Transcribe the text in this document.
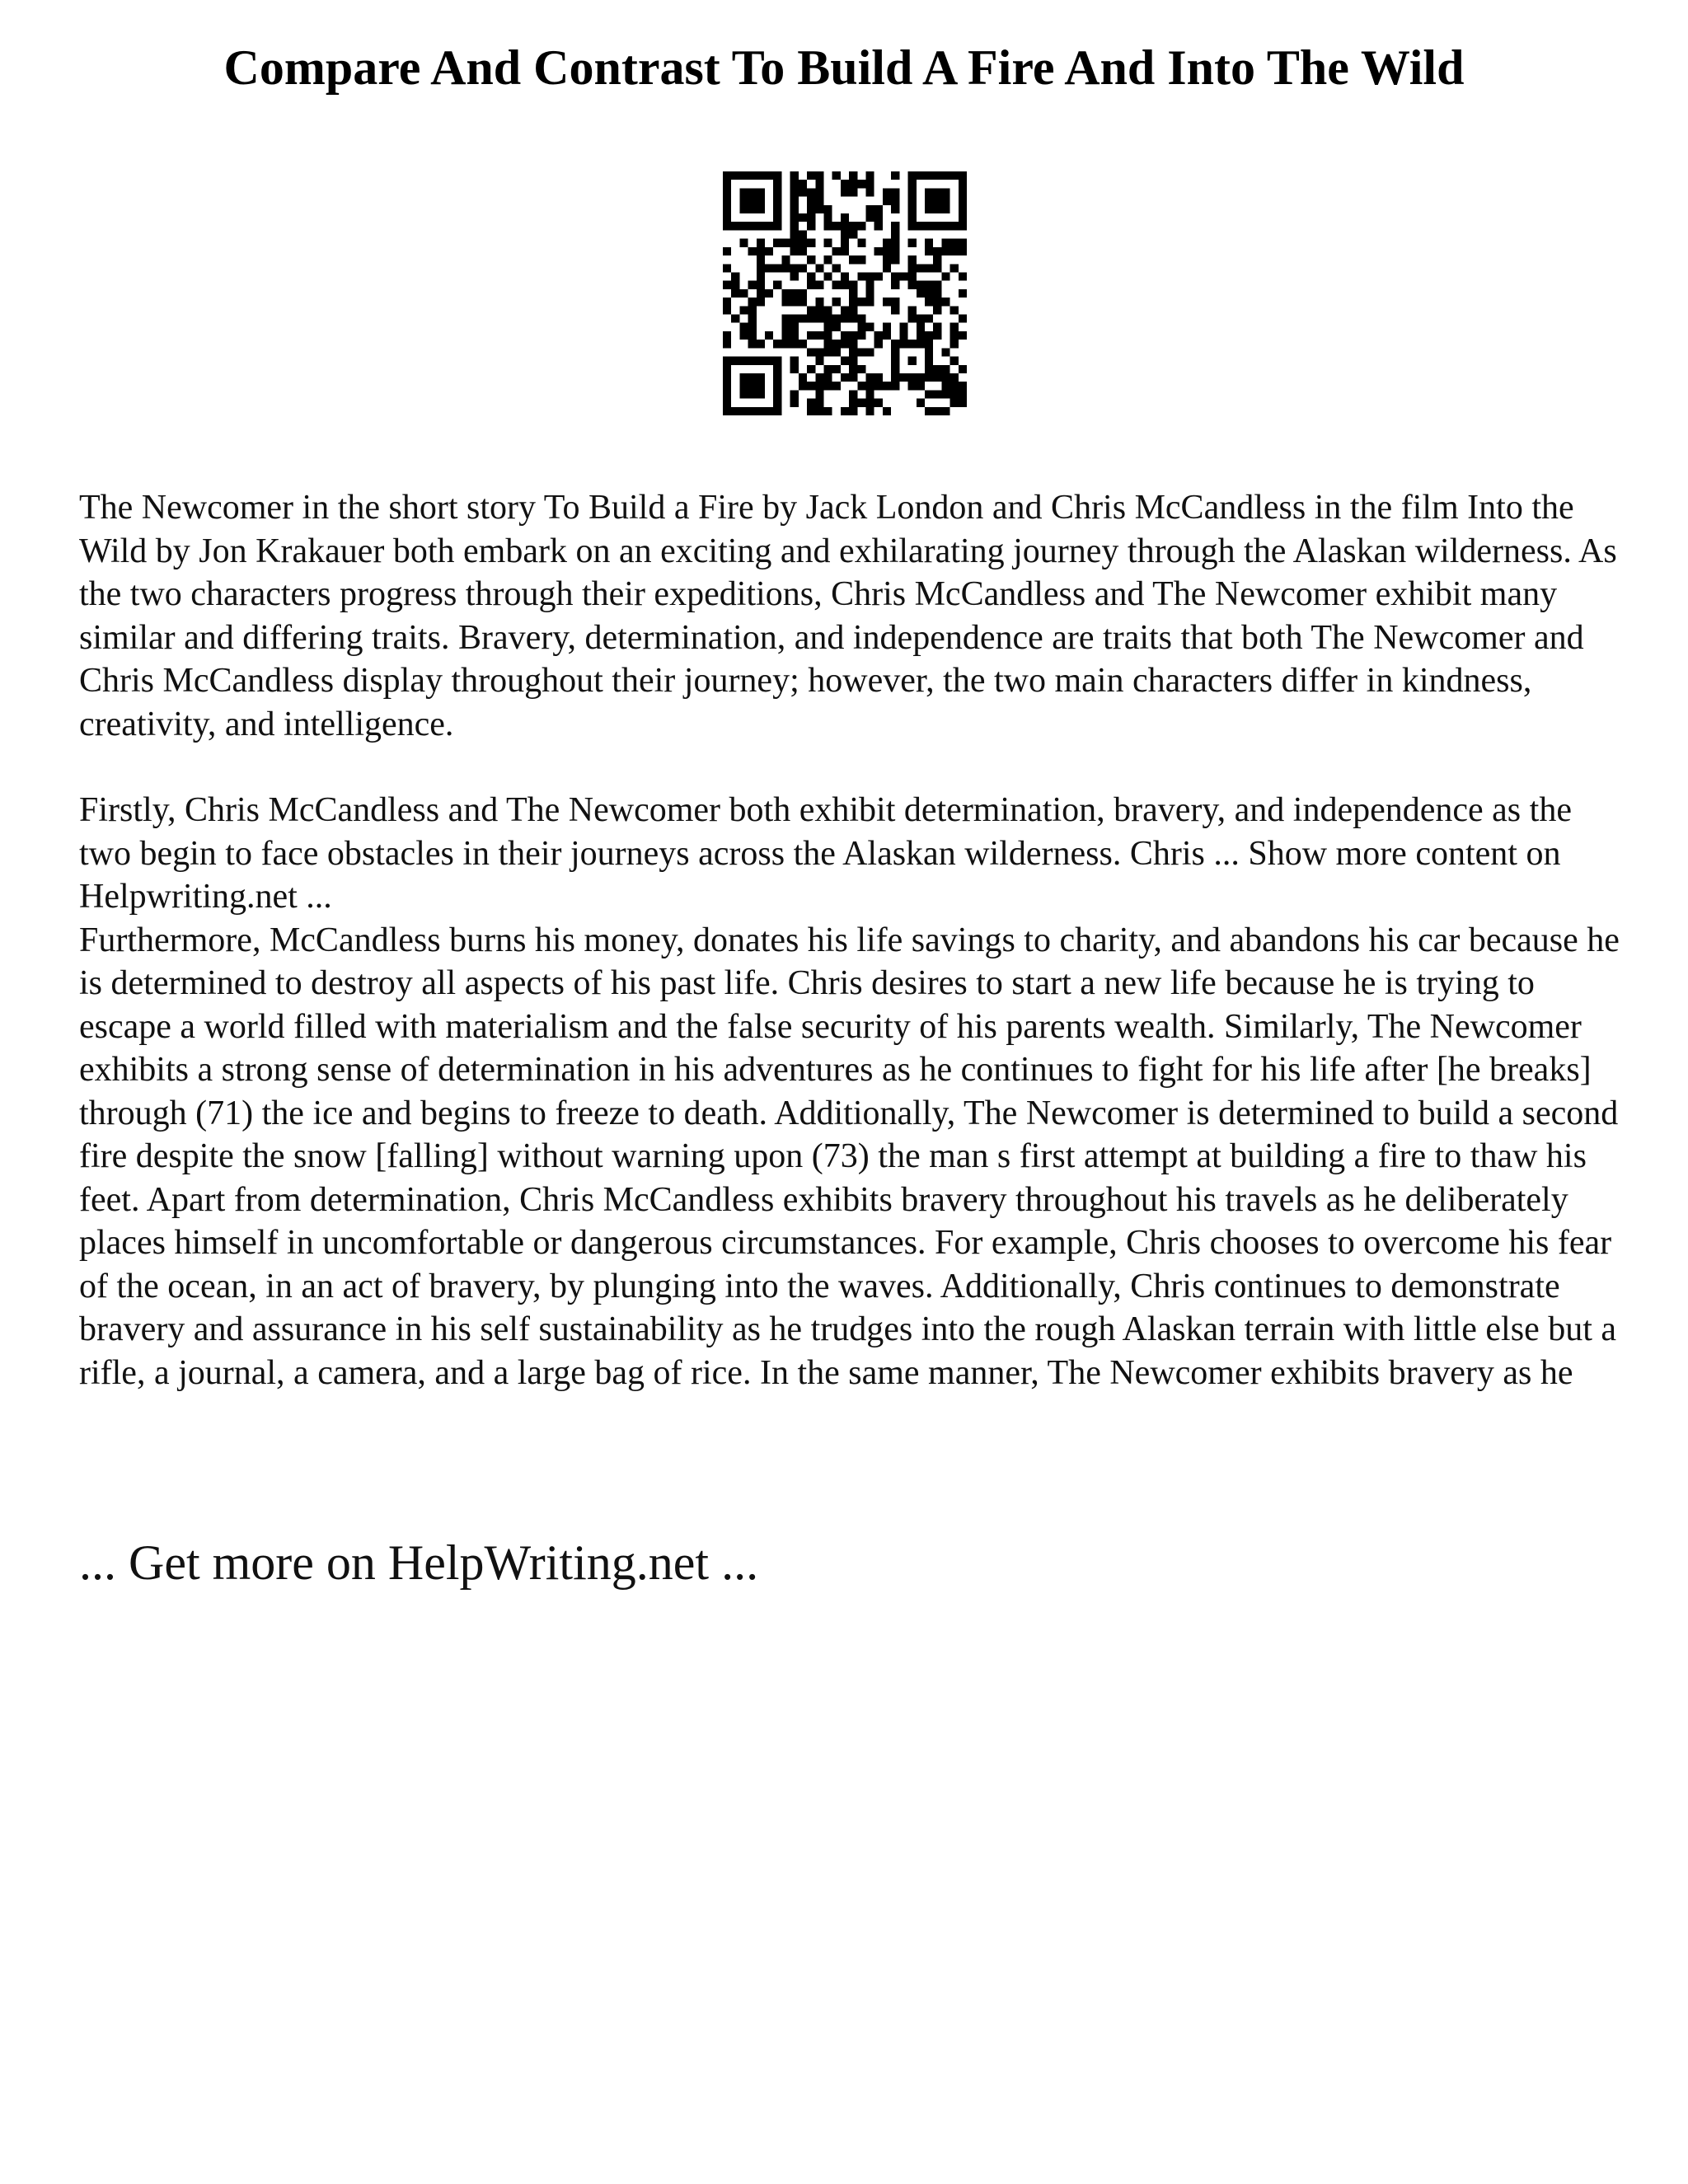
Compare And Contrast To Build A Fire And Into The Wild

The Newcomer in the short story To Build a Fire by Jack London and Chris McCandless in the film Into the Wild by Jon Krakauer both embark on an exciting and exhilarating journey through the Alaskan wilderness. As the two characters progress through their expeditions, Chris McCandless and The Newcomer exhibit many similar and differing traits. Bravery, determination, and independence are traits that both The Newcomer and Chris McCandless display throughout their journey; however, the two main characters differ in kindness, creativity, and intelligence.

Firstly, Chris McCandless and The Newcomer both exhibit determination, bravery, and independence as the two begin to face obstacles in their journeys across the Alaskan wilderness. Chris ... Show more content on Helpwriting.net ...

Furthermore, McCandless burns his money, donates his life savings to charity, and abandons his car because he is determined to destroy all aspects of his past life. Chris desires to start a new life because he is trying to escape a world filled with materialism and the false security of his parents wealth. Similarly, The Newcomer exhibits a strong sense of determination in his adventures as he continues to fight for his life after [he breaks] through (71) the ice and begins to freeze to death. Additionally, The Newcomer is determined to build a second fire despite the snow [falling] without warning upon (73) the man s first attempt at building a fire to thaw his feet. Apart from determination, Chris McCandless exhibits bravery throughout his travels as he deliberately places himself in uncomfortable or dangerous circumstances. For example, Chris chooses to overcome his fear of the ocean, in an act of bravery, by plunging into the waves. Additionally, Chris continues to demonstrate bravery and assurance in his self sustainability as he trudges into the rough Alaskan terrain with little else but a rifle, a journal, a camera, and a large bag of rice. In the same manner, The Newcomer exhibits bravery as he

... Get more on HelpWriting.net ...
